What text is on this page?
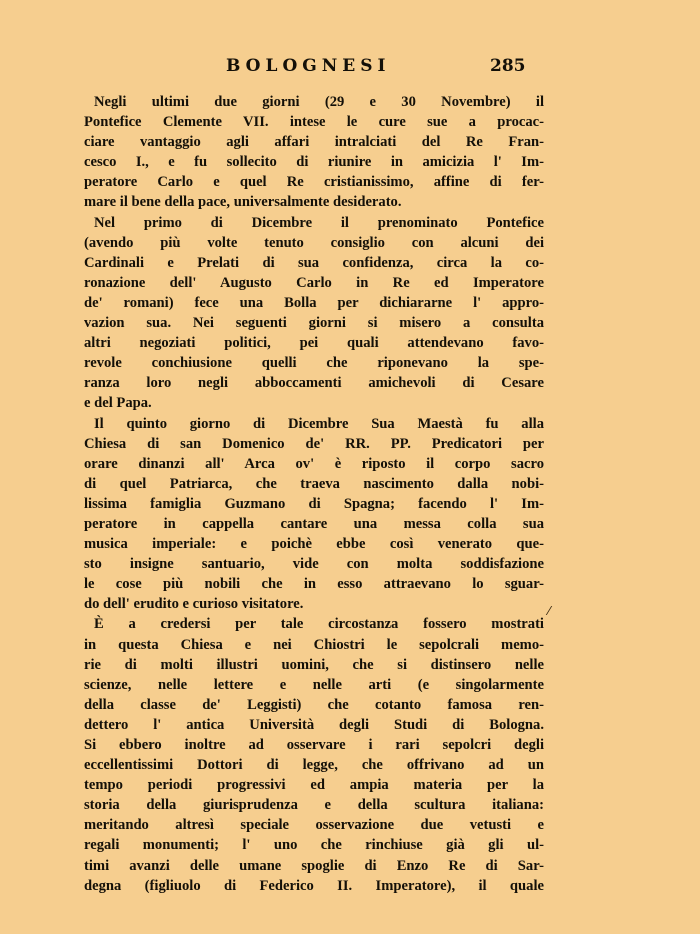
BOLOGNESI	285
Negli ultimi due giorni (29 e 30 Novembre) il
Pontefice Clemente VII. intese le cure sue a procac-
ciare vantaggio agli affari intralciati del Re Fran-
cesco I., e fu sollecito di riunire in amicizia l' Im-
peratore Carlo e quel Re cristianissimo, affine di fer-
mare il bene della pace, universalmente desiderato.
Nel primo di Dicembre il prenominato Pontefice
(avendo più volte tenuto consiglio con alcuni dei
Cardinali e Prelati di sua confidenza, circa la co-
ronazione dell' Augusto Carlo in Re ed Imperatore
de' romani) fece una Bolla per dichiararne l' appro-
vazion sua. Nei seguenti giorni si misero a consulta
altri negoziati politici, pei quali attendevano favo-
revole conchiusione quelli che riponevano la spe-
ranza loro negli abboccamenti amichevoli di Cesare
e del Papa.
Il quinto giorno di Dicembre Sua Maestà fu alla
Chiesa di san Domenico de' RR. PP. Predicatori per
orare dinanzi all' Arca ov' è riposto il corpo sacro
di quel Patriarca, che traeva nascimento dalla nobi-
lissima famiglia Guzmano di Spagna; facendo l' Im-
peratore in cappella cantare una messa colla sua
musica imperiale: e poichè ebbe così venerato que-
sto insigne santuario, vide con molta soddisfazione
le cose più nobili che in esso attraevano lo sguar-
do dell' erudito e curioso visitatore.
È a credersi per tale circostanza fossero mostrati
in questa Chiesa e nei Chiostri le sepolcrali memo-
rie di molti illustri uomini, che si distinsero nelle
scienze, nelle lettere e nelle arti (e singolarmente
della classe de' Leggisti) che cotanto famosa ren-
dettero l' antica Università degli Studi di Bologna.
Si ebbero inoltre ad osservare i rari sepolcri degli
eccellentissimi Dottori di legge, che offrivano ad un
tempo periodi progressivi ed ampia materia per la
storia della giurisprudenza e della scultura italiana:
meritando altresì speciale osservazione due vetusti e
regali monumenti; l' uno che rinchiuse già gli ul-
timi avanzi delle umane spoglie di Enzo Re di Sar-
degna (figliuolo di Federico II. Imperatore), il quale
⁄
